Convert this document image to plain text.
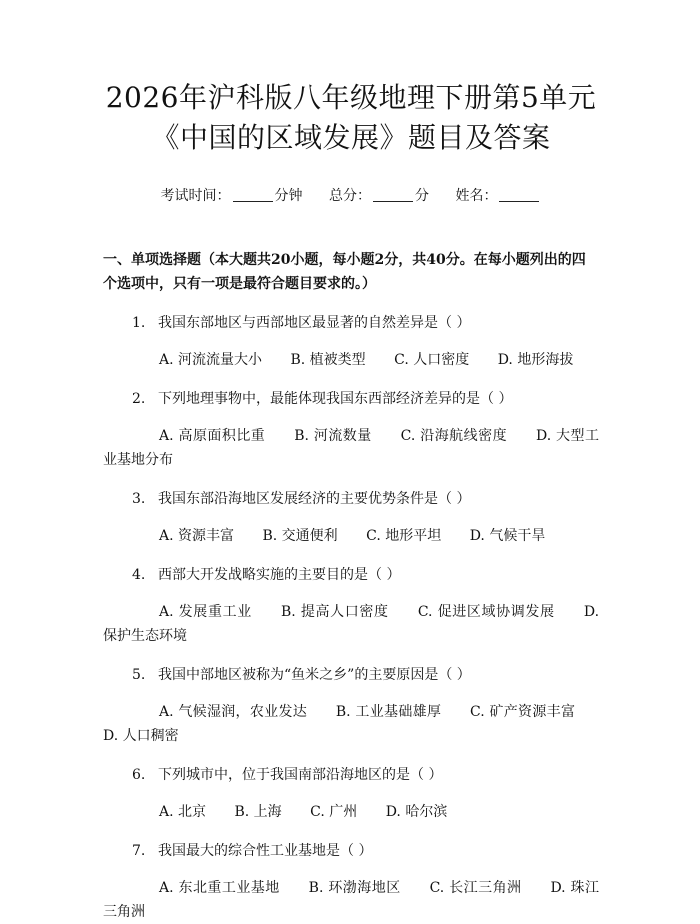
2026年沪科版八年级地理下册第5单元《中国的区域发展》题目及答案
考试时间：	分钟 总分：	分 姓名：
一、单项选择题（本大题共20小题，每小题2分，共40分。在每小题列出的四个选项中，只有一项是最符合题目要求的。）
1. 我国东部地区与西部地区最显著的自然差异是（ ）
A. 河流流量大小 B. 植被类型 C. 人口密度 D. 地形海拔
2. 下列地理事物中，最能体现我国东西部经济差异的是（ ）
A. 高原面积比重 B. 河流数量 C. 沿海航线密度 D. 大型工业基地分布
3. 我国东部沿海地区发展经济的主要优势条件是（ ）
A. 资源丰富 B. 交通便利 C. 地形平坦 D. 气候干旱
4. 西部大开发战略实施的主要目的是（ ）
A. 发展重工业 B. 提高人口密度 C. 促进区域协调发展 D. 保护生态环境
5. 我国中部地区被称为“鱼米之乡”的主要原因是（ ）
A. 气候湿润，农业发达 B. 工业基础雄厚 C. 矿产资源丰富 D. 人口稠密
6. 下列城市中，位于我国南部沿海地区的是（ ）
A. 北京 B. 上海 C. 广州 D. 哈尔滨
7. 我国最大的综合性工业基地是（ ）
A. 东北重工业基地 B. 环渤海地区 C. 长江三角洲 D. 珠江三角洲
